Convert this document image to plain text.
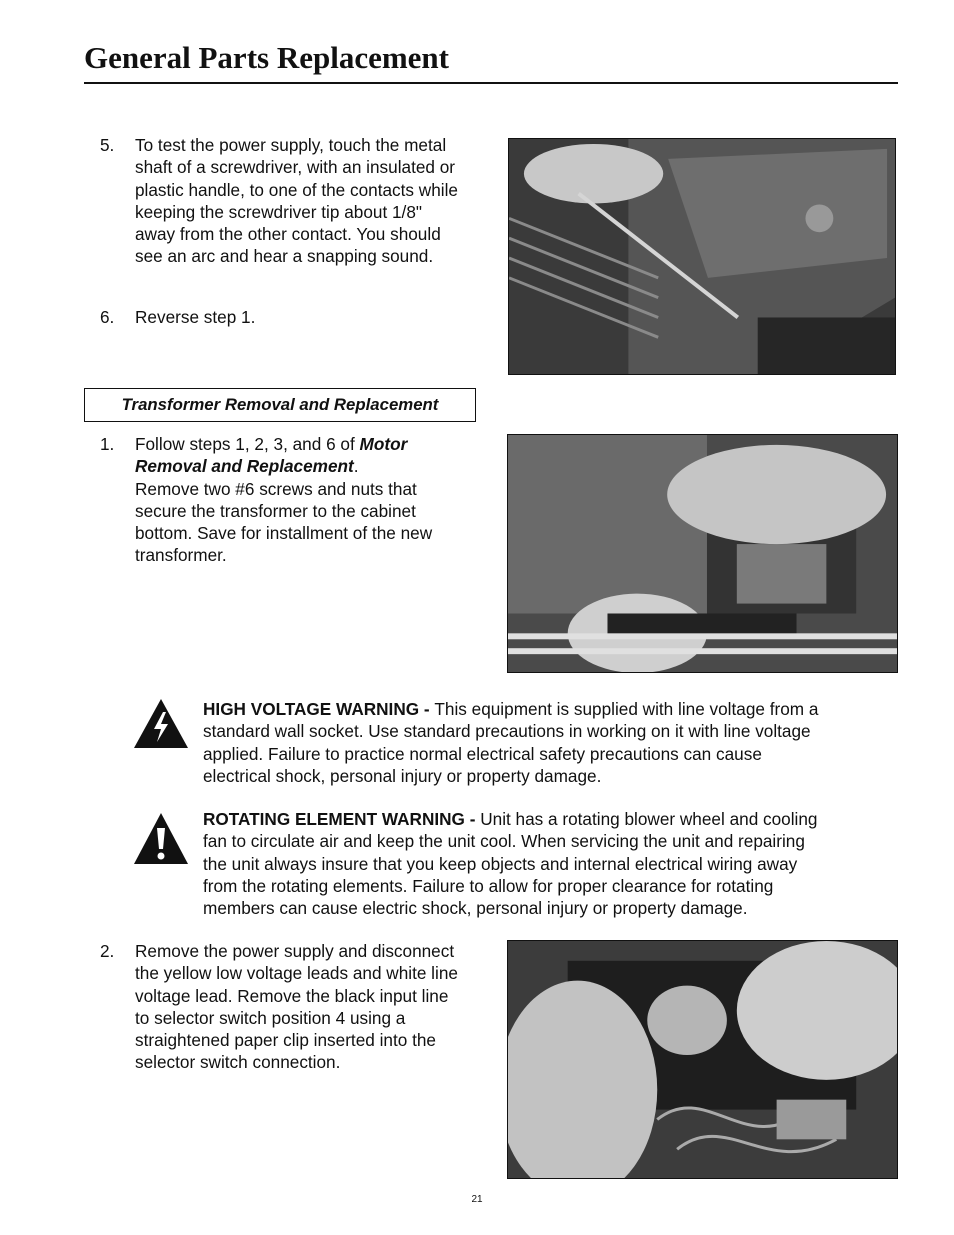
General Parts Replacement
5. To test the power supply, touch the metal
shaft of a screwdriver, with an insulated or
plastic handle, to one of the contacts while
keeping the screwdriver tip about 1/8"
away from the other contact. You should
see an arc and hear a snapping sound.
6. Reverse step 1.
Transformer Removal and Replacement
1. Follow steps 1, 2, 3, and 6 of Motor
Removal and Replacement.
Remove two #6 screws and nuts that
secure the transformer to the cabinet
bottom. Save for installment of the new
transformer.
HIGH VOLTAGE WARNING - This equipment is supplied with line voltage from a
standard wall socket. Use standard precautions in working on it with line voltage
applied. Failure to practice normal electrical safety precautions can cause
electrical shock, personal injury or property damage.
ROTATING ELEMENT WARNING - Unit has a rotating blower wheel and cooling
fan to circulate air and keep the unit cool. When servicing the unit and repairing
the unit always insure that you keep objects and internal electrical wiring away
from the rotating elements. Failure to allow for proper clearance for rotating
members can cause electric shock, personal injury or property damage.
2. Remove the power supply and disconnect
the yellow low voltage leads and white line
voltage lead. Remove the black input line
to selector switch position 4 using a
straightened paper clip inserted into the
selector switch connection.
21
